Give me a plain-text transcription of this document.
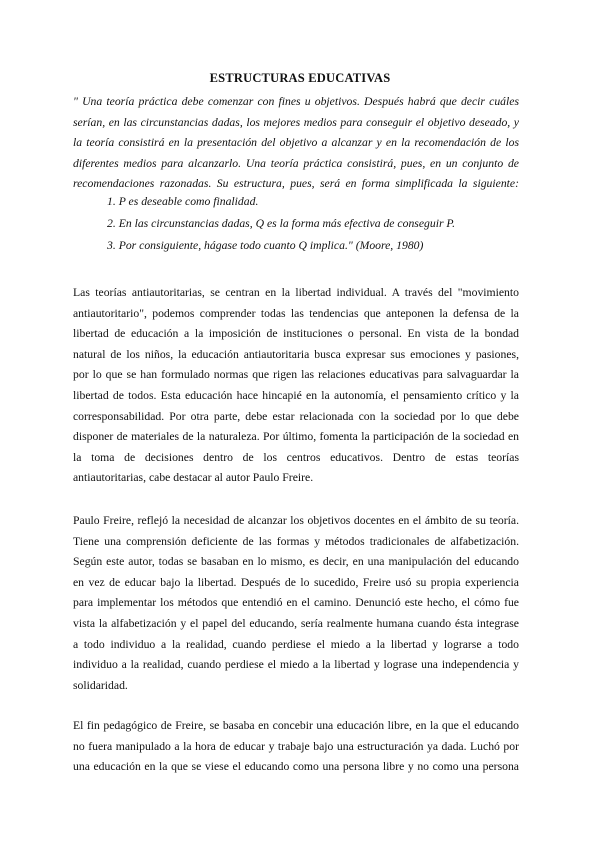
ESTRUCTURAS EDUCATIVAS
" Una teoría práctica debe comenzar con fines u objetivos. Después habrá que decir cuáles
serían, en las circunstancias dadas, los mejores medios para conseguir el objetivo deseado, y
la teoría consistirá en la presentación del objetivo a alcanzar y en la recomendación de los
diferentes medios para alcanzarlo. Una teoría práctica consistirá, pues, en un conjunto de
recomendaciones razonadas. Su estructura, pues, será en forma simplificada la siguiente:
1. P es deseable como finalidad.
2. En las circunstancias dadas, Q es la forma más efectiva de conseguir P.
3. Por consiguiente, hágase todo cuanto Q implica." (Moore, 1980)
Las teorías antiautoritarias, se centran en la libertad individual. A través del "movimiento
antiautoritario", podemos comprender todas las tendencias que anteponen la defensa de la
libertad de educación a la imposición de instituciones o personal. En vista de la bondad
natural de los niños, la educación antiautoritaria busca expresar sus emociones y pasiones,
por lo que se han formulado normas que rigen las relaciones educativas para salvaguardar la
libertad de todos. Esta educación hace hincapié en la autonomía, el pensamiento crítico y la
corresponsabilidad. Por otra parte, debe estar relacionada con la sociedad por lo que debe
disponer de materiales de la naturaleza. Por último, fomenta la participación de la sociedad en
la toma de decisiones dentro de los centros educativos. Dentro de estas teorías
antiautoritarias, cabe destacar al autor Paulo Freire.
Paulo Freire, reflejó la necesidad de alcanzar los objetivos docentes en el ámbito de su teoría.
Tiene una comprensión deficiente de las formas y métodos tradicionales de alfabetización.
Según este autor, todas se basaban en lo mismo, es decir, en una manipulación del educando
en vez de educar bajo la libertad. Después de lo sucedido, Freire usó su propia experiencia
para implementar los métodos que entendió en el camino. Denunció este hecho, el cómo fue
vista la alfabetización y el papel del educando, sería realmente humana cuando ésta integrase
a todo individuo a la realidad, cuando perdiese el miedo a la libertad y lograrse a todo
individuo a la realidad, cuando perdiese el miedo a la libertad y lograse una independencia y
solidaridad.
El fin pedagógico de Freire, se basaba en concebir una educación libre, en la que el educando
no fuera manipulado a la hora de educar y trabaje bajo una estructuración ya dada. Luchó por
una educación en la que se viese el educando como una persona libre y no como una persona
